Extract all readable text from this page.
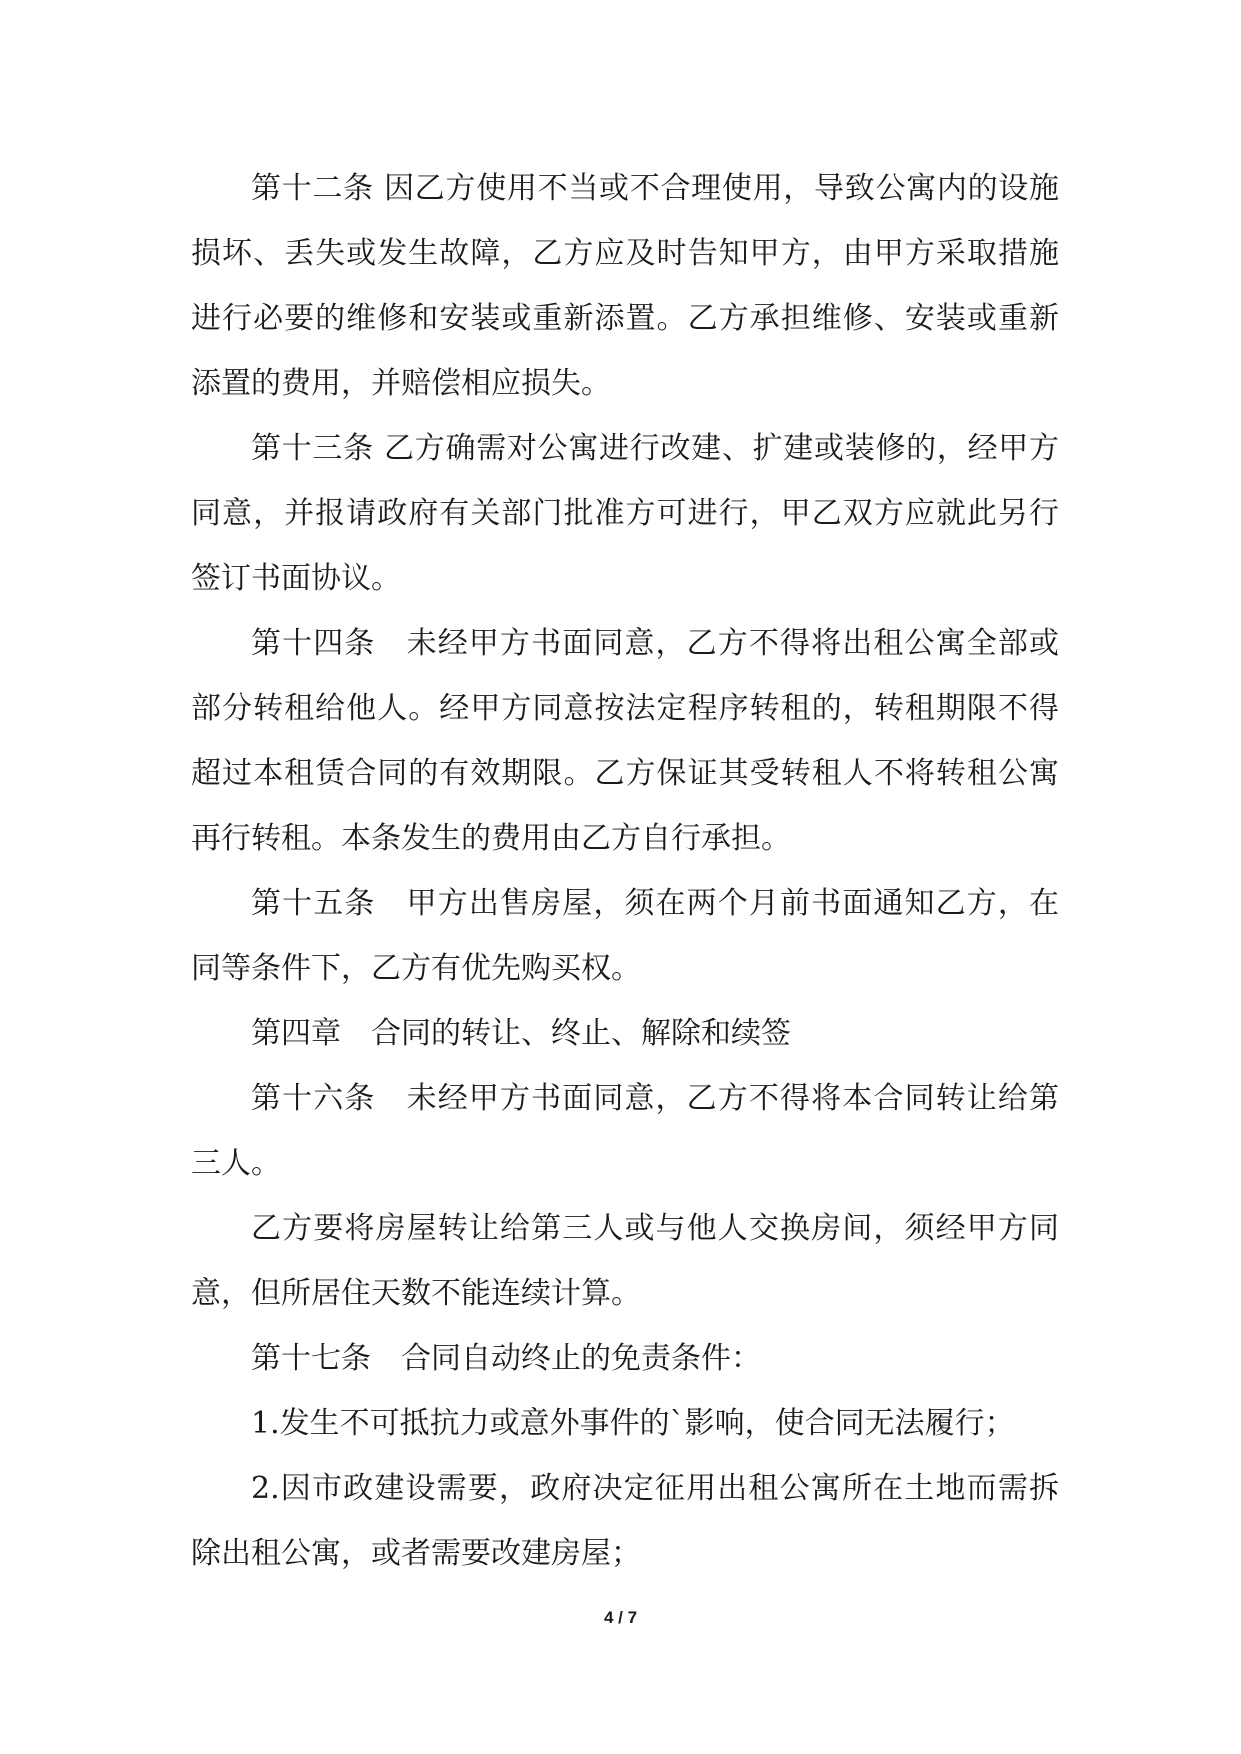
第十二条 因乙方使用不当或不合理使用，导致公寓内的设施损坏、丢失或发生故障，乙方应及时告知甲方，由甲方采取措施进行必要的维修和安装或重新添置。乙方承担维修、安装或重新添置的费用，并赔偿相应损失。

第十三条 乙方确需对公寓进行改建、扩建或装修的，经甲方同意，并报请政府有关部门批准方可进行，甲乙双方应就此另行签订书面协议。

第十四条　未经甲方书面同意，乙方不得将出租公寓全部或部分转租给他人。经甲方同意按法定程序转租的，转租期限不得超过本租赁合同的有效期限。乙方保证其受转租人不将转租公寓再行转租。本条发生的费用由乙方自行承担。

第十五条　甲方出售房屋，须在两个月前书面通知乙方，在同等条件下，乙方有优先购买权。

第四章　合同的转让、终止、解除和续签

第十六条　未经甲方书面同意，乙方不得将本合同转让给第三人。

乙方要将房屋转让给第三人或与他人交换房间，须经甲方同意，但所居住天数不能连续计算。

第十七条　合同自动终止的免责条件：

1.发生不可抵抗力或意外事件的`影响，使合同无法履行；

2.因市政建设需要，政府决定征用出租公寓所在土地而需拆除出租公寓，或者需要改建房屋；

4 / 7
